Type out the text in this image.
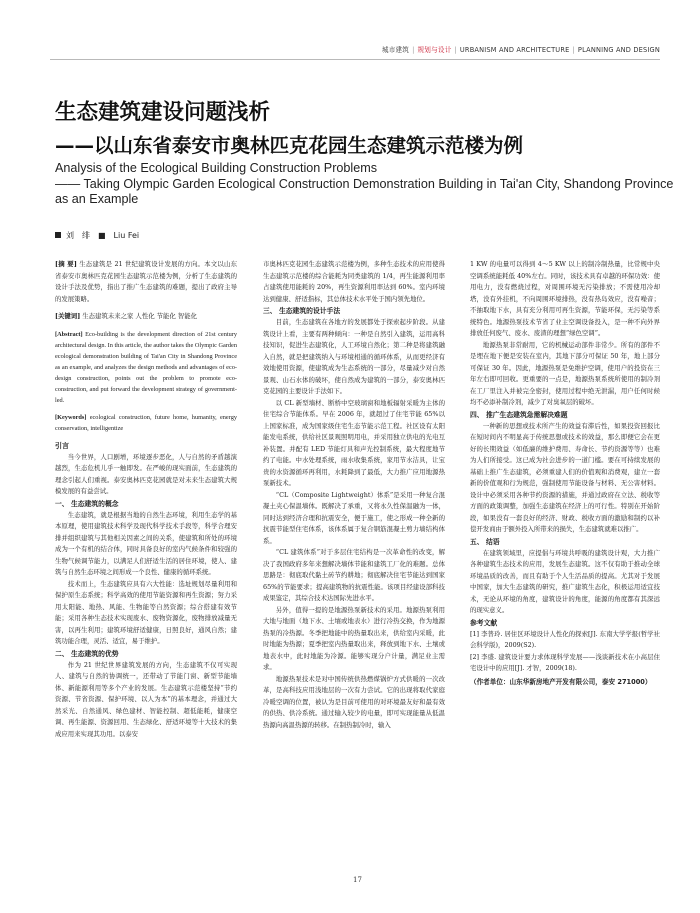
城市建筑 | 规划与设计 | URBANISM AND ARCHITECTURE | PLANNING AND DESIGN
生态建筑建设问题浅析
——以山东省泰安市奥林匹克花园生态建筑示范楼为例
Analysis of the Ecological Building Construction Problems
—— Taking Olympic Garden Ecological Construction Demonstration Building in Tai'an City, Shandong Province as an Example
刘　绯　■　Liu Fei
[摘 要] 生态建筑是 21 世纪建筑设计发展的方向。本文以山东省泰安市奥林匹克花园生态建筑示范楼为例，分析了生态建筑的设计手法及优势，指出了推广生态建筑的难题，提出了政府主导的发展策略。
[关键词] 生态建筑未来之家 人性化 节能化 智能化
[Abstract] Eco-building is the development direction of 21st century architectural design. In this article, the author takes the Olympic Garden ecological demonstration building of Tai'an City in Shandong Province as an example, and analyzes the design methods and advantages of eco-design construction, points out the problem to promote eco-construction, and put forward the development strategy of government-led.
[Keywords] ecological construction, future home, humanity, energy conservation, intelligentize
引言

当今世界，人口剧增，环境逐步恶化，人与自然的矛盾越演越烈，生态危机儿乎一触即发。在严峻的现实面前，生态建筑的理念引起人们重视。泰安奥林匹克花园就是对未来生态建筑大规模发展的有益尝试。

一、 生态建筑的概念

生态建筑，就是根据当地的自然生态环境，利用生态学的基本原理，使用建筑技术科学及现代科学技术手段等，科学合理安排并组织建筑与其他相关因素之间的关系，使建筑和所处的环境成为一个有机的结合体，同时具备良好的室内气候条件和较强的生物气候调节能力，以满足人们舒适生活的居住环境，使人、建筑与自然生态环境之间形成一个良性、健康的循环系统。

技术而上，生态建筑应具有六大性能：选址规划尽量利用和保护原生态系统；科学高效的使用节能资源和再生资源；努力采用太阳能、地热、风能、生物能等自然资源；综合搭建有效节能；采用各种生态技术实现废水、废物资源化，废物排放减量无害，以再生利用；建筑环境舒适健康，日照良好，通风自然；建筑功能合理，灵活、适宜，易于维护。

二、 生态建筑的优势

作为 21 世纪世界建筑发展的方向，生态建筑不仅可实现人、建筑与自然的协调统一，还带动了节能门窗、新型节能墙体、新能源利用等多个产业的发展。生态建筑示范楼坚持“节约资源、节省资源、保护环境、以人为本”的基本理念，并通过大然采光、自然通风、绿色建材、智能控制、超低能耗，健康空调、再生能源、资源回用、生态绿化、舒适环境等十大技术的集成应用来实现其功用。以泰安

市奥林匹克花园生态建筑示范楼为例，多种生态技术的应用使得生态建筑示范楼的综合能耗为同类建筑的 1/4，再生能源利用率占建筑使用能耗的 20%，再生资源利用率达到 60%。室内环境达到健康、舒适指标，其总体技术水平处于国内领先地位。

三、 生态建筑的设计手法

目前，生态建筑在各地方的发展都处于探索起步阶段。从建筑设计上看，主要有两种倾向：一种是自然引入建筑，运用高科技知识，促进生态建筑化，人工环境自然化；第二种是将建筑融入自然，就是把建筑纳入与环境相通的循环体系，从而更经济有效地使用资源，使建筑成为生态系统的一部分，尽量减少对自然景观、山石水体的破坏，使自然成为建筑的一部分，泰安奥林匹克花园的主要设计手法如下。

以 CL 新型墙材、断桥中空玻璃窗和地板辐射采暖为主体的住宅综合节能体系。早在 2006 年，就超过了住宅节能 65%以上国家标准，成为国家级住宅生态节能示范工程。社区设有太阳能发电系统，供给社区景观照明用电，并采用独立供电的光电互补装置。并配有 LED 节能灯具和声光控制系统，最大程度地节约了电能。中水处理系统，雨水收集系统，家用节水洁具，让宝贵的水资源循环再利用，水耗降到了最低，大力推广应用地源热泵新技术。

“CL（Composite Lightweight）体系”是采用一种复合混凝土夹心保温墙体。既解决了承重，又将永久性保温融为一体，同时达到经济合理和抗震安全，便于施工，使之形成一种全新的抗震节能型住宅体系，该体系属于复合钢筋混凝土剪力墙结构体系。

“CL 建筑体系”对于多层住宅结构是一次革命性的改变，解决了我国政府多年来想解决墙体节能和建筑工厂化的难题。总体思路是：彻底取代黏土砖节约耕地；彻底解决住宅节能达到国家 65%的节能要求；提高建筑物的抗震性能。该项目经建设部科技成果鉴定，其综合技术达国际先进水平。

另外，值得一提的是地源热泵新技术的采用。地源热泵利用大地与地面（地下水、土壤或地表水）进行冷热交换，作为地源热泵的冷热源。冬季把地能中的热量取出来，供给室内采暖，此时地能为热源；夏季把室内热量取出来，释放到地下水、土壤或地表水中，此时地能为冷源。能够实现分户计量，满足业主需求。

地源热泵技术是对中国传统供热燃煤锅炉方式供暖的一次改革，是高科技应用浅地层的一次有力尝试。它的出现将取代家庭冷暖空调的位置，被认为是目前可使用的对环境最友好和最有效的供热、供冷系统。通过输入较少的电量，即可实现能量从低温热源向高温热源的转移。在制热制冷时，输入

1 KW 的电量可以得到 4～5 KW 以上的制冷制热量，比常规中央空调系统能耗低 40%左右。同时，该技术具有卓越的环保功效：使用电力，没有燃烧过程，对周围环境无污染排放；不需使用冷却塔，没有外挂机，不向周围环境排热，没有热岛效应，没有噪音；不抽取地下水，具有充分利用可再生资源，节能环保，无污染等系统特色。地源热泵技术节省了业主空调设备投入，是一种不向外界排放任何废气、废水、废渣的理想“绿色空调”。

地源热泵非常耐用，它的机械运动部件非常少。所有的部件不是埋在地下便是安装在室内，其地下部分可保证 50 年，地上部分可保证 30 年。因此，地源热泵是免维护空调，使用户的投资在三年左右即可回收。更重要的一点是，地源热泵系统所使用的制冷剂在工厂里注入并被完全密封，使用过程中绝无泄漏，用户任何时候均不必添补制冷剂，减少了对臭氧层的破坏。

四、 推广生态建筑急需解决难题

一种新的思想或技术所产生的效益有滞后性，如果投资回报比在短时间内不明显高于传统思想或技术的效益，那么即便它会在更好的长期效益（如低廉的维护费用、寿命长、节约资源等等）也难为人们所接受。这已成为社会进步的一道门槛。要在可持续发展的基础上推广生态建筑，必须重建人们的价值观和消费观，建立一套新的价值观和行为规范，强制使用节能设备与材料、无公害材料。设计中必须采用各种节约资源的措施，并通过政府在立法、税收等方面的政策调整，加强生态建筑在经济上的可行性。特别在开始阶段，如果没有一套良好的经济、财政、税收方面的激励和制约以补偿开发商由于额外投入所带来的损失，生态建筑就难以推广。

五、 结语

在建筑领域里，应提倡与环境共呼吸的建筑设计观，大力推广各种建筑生态技术的应用，发展生态建筑。这不仅有助于推动全球环境品质的改善，而且有助于个人生活品质的提高。尤其对于发展中国家，加大生态建筑的研究，推广建筑生态化，积极运用适宜技术，无论从环境的角度，建筑设计的角度，能源的角度都有其深远的现实意义。

参考文献

[1] 李普玲. 居住区环境设计人性化的探索[J]. 东南大学学报(哲学社会科学版)，2009(S2).

[2] 李盛. 建筑设计要力求体现科学发展——浅谈新技术在小高层住宅设计中的应用[J]. 才智，2009(18).

（作者单位：山东华新房地产开发有限公司，泰安 271000）
17
